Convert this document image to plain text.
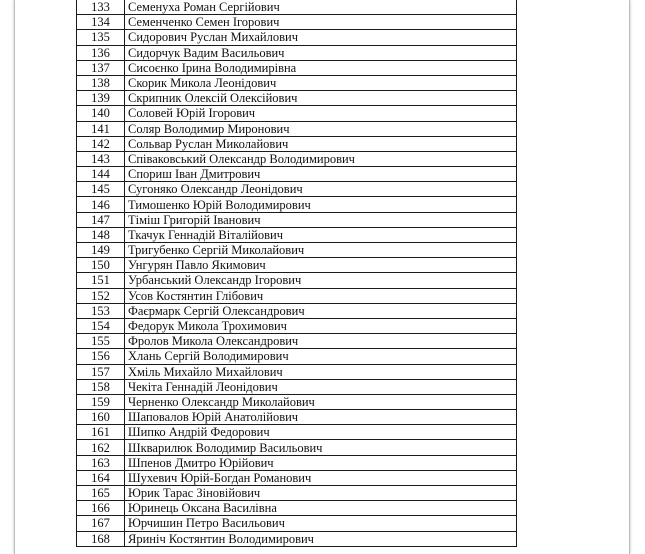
133	Семенуха Роман Сергійович
134	Семенченко Семен Ігорович
135	Сидорович Руслан Михайлович
136	Сидорчук Вадим Васильович
137	Сисоєнко Ірина Володимирівна
138	Скорик Микола Леонідович
139	Скрипник Олексій Олексійович
140	Соловей Юрій Ігорович
141	Соляр Володимир Миронович
142	Сольвар Руслан Миколайович
143	Співаковський Олександр Володимирович
144	Спориш Іван Дмитрович
145	Сугоняко Олександр Леонідович
146	Тимошенко Юрій Володимирович
147	Тіміш Григорій Іванович
148	Ткачук Геннадій Віталійович
149	Тригубенко Сергій Миколайович
150	Унгурян Павло Якимович
151	Урбанський Олександр Ігорович
152	Усов Костянтин Глібович
153	Фаєрмарк Сергій Олександрович
154	Федорук Микола Трохимович
155	Фролов Микола Олександрович
156	Хлань Сергій Володимирович
157	Хміль Михайло Михайлович
158	Чекіта Геннадій Леонідович
159	Черненко Олександр Миколайович
160	Шаповалов Юрій Анатолійович
161	Шипко Андрій Федорович
162	Шкварилюк Володимир Васильович
163	Шпенов Дмитро Юрійович
164	Шухевич Юрій-Богдан Романович
165	Юрик Тарас Зіновійович
166	Юринець Оксана Василівна
167	Юрчишин Петро Васильович
168	Яриніч Костянтин Володимирович
